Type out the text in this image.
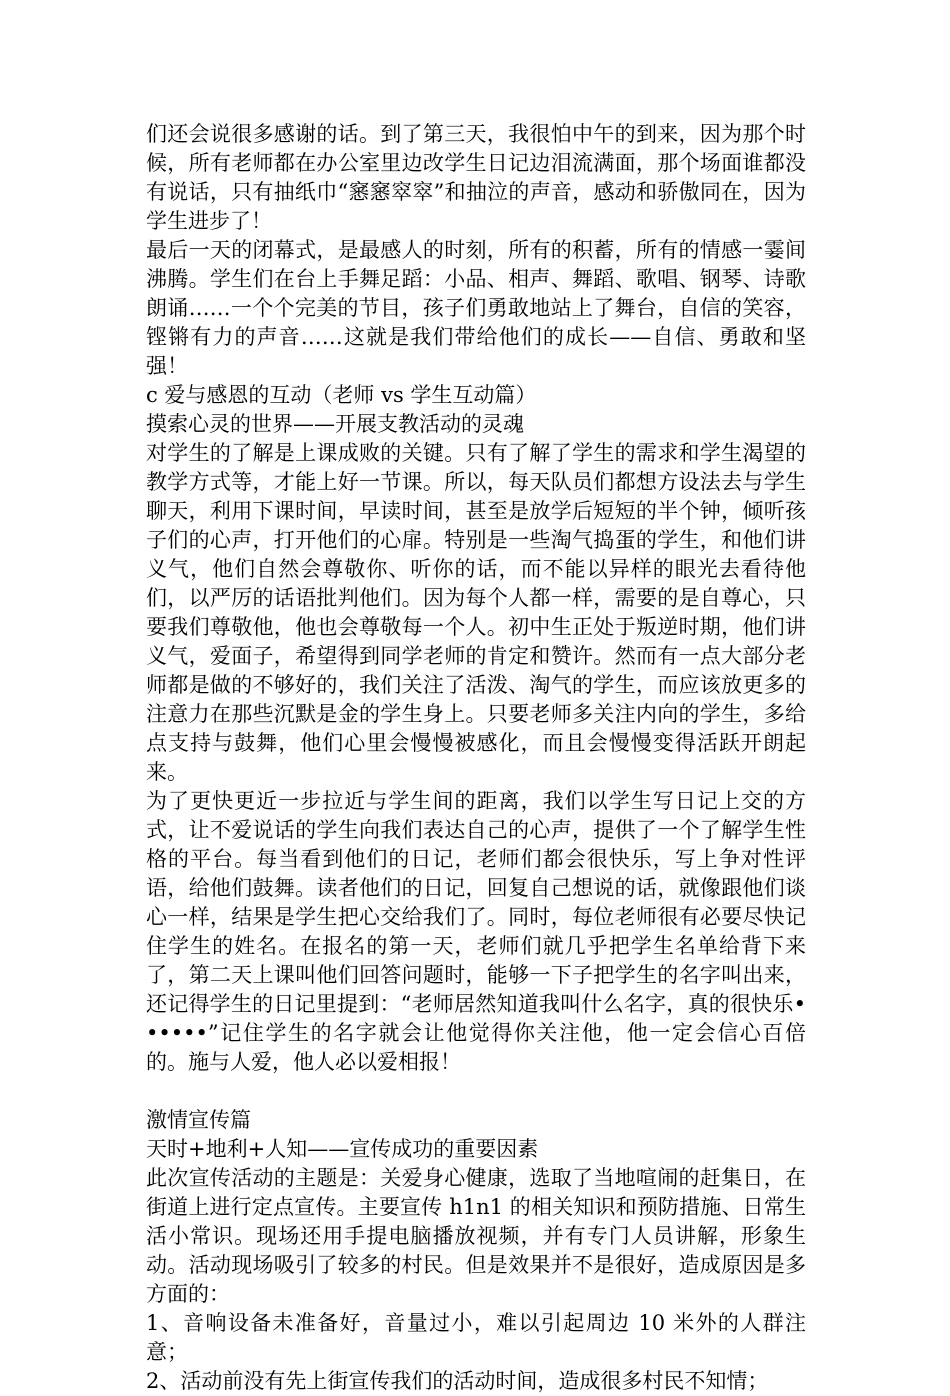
们还会说很多感谢的话。到了第三天，我很怕中午的到来，因为那个时候，所有老师都在办公室里边改学生日记边泪流满面，那个场面谁都没有说话，只有抽纸巾“窸窸窣窣”和抽泣的声音，感动和骄傲同在，因为学生进步了！

最后一天的闭幕式，是最感人的时刻，所有的积蓄，所有的情感一霎间沸腾。学生们在台上手舞足蹈：小品、相声、舞蹈、歌唱、钢琴、诗歌朗诵……一个个完美的节目，孩子们勇敢地站上了舞台，自信的笑容，铿锵有力的声音……这就是我们带给他们的成长——自信、勇敢和坚强！

c 爱与感恩的互动（老师 vs 学生互动篇）

摸索心灵的世界——开展支教活动的灵魂

对学生的了解是上课成败的关键。只有了解了学生的需求和学生渴望的教学方式等，才能上好一节课。所以，每天队员们都想方设法去与学生聊天，利用下课时间，早读时间，甚至是放学后短短的半个钟，倾听孩子们的心声，打开他们的心扉。特别是一些淘气捣蛋的学生，和他们讲义气，他们自然会尊敬你、听你的话，而不能以异样的眼光去看待他们，以严厉的话语批判他们。因为每个人都一样，需要的是自尊心，只要我们尊敬他，他也会尊敬每一个人。初中生正处于叛逆时期，他们讲义气，爱面子，希望得到同学老师的肯定和赞许。然而有一点大部分老师都是做的不够好的，我们关注了活泼、淘气的学生，而应该放更多的注意力在那些沉默是金的学生身上。只要老师多关注内向的学生，多给点支持与鼓舞，他们心里会慢慢被感化，而且会慢慢变得活跃开朗起来。

为了更快更近一步拉近与学生间的距离，我们以学生写日记上交的方式，让不爱说话的学生向我们表达自己的心声，提供了一个了解学生性格的平台。每当看到他们的日记，老师们都会很快乐，写上争对性评语，给他们鼓舞。读者他们的日记，回复自己想说的话，就像跟他们谈心一样，结果是学生把心交给我们了。同时，每位老师很有必要尽快记住学生的姓名。在报名的第一天，老师们就几乎把学生名单给背下来了，第二天上课叫他们回答问题时，能够一下子把学生的名字叫出来，还记得学生的日记里提到：“老师居然知道我叫什么名字，真的很快乐••••••”记住学生的名字就会让他觉得你关注他，他一定会信心百倍的。施与人爱，他人必以爱相报！

激情宣传篇

天时+地利+人知——宣传成功的重要因素

此次宣传活动的主题是：关爱身心健康，选取了当地喧闹的赶集日，在街道上进行定点宣传。主要宣传 h1n1 的相关知识和预防措施、日常生活小常识。现场还用手提电脑播放视频，并有专门人员讲解，形象生动。活动现场吸引了较多的村民。但是效果并不是很好，造成原因是多方面的：

1、音响设备未准备好，音量过小，难以引起周边 10 米外的人群注意；

2、活动前没有先上街宣传我们的活动时间，造成很多村民不知情；
